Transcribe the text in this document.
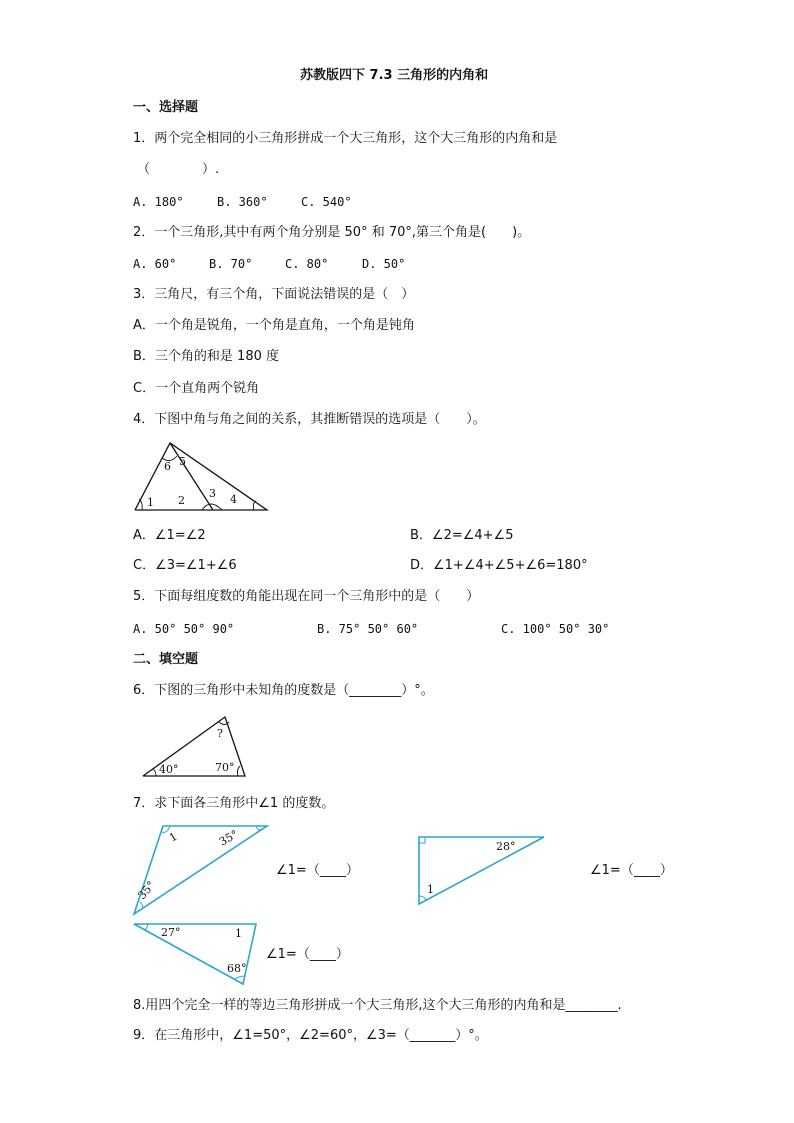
苏教版四下 7.3 三角形的内角和
一、选择题
1．两个完全相同的小三角形拼成一个大三角形，这个大三角形的内角和是
（　　　　）.
A. 180°	B. 360°	C. 540°
2．一个三角形,其中有两个角分别是 50° 和 70°,第三个角是(　　)。
A. 60°	B. 70°	C. 80°	D. 50°
3．三角尺，有三个角，下面说法错误的是（　）
A．一个角是锐角，一个角是直角，一个角是钝角
B．三个角的和是 180 度
C．一个直角两个锐角
4．下图中角与角之间的关系，其推断错误的选项是（　　）。
6 5
1 2
3 4
A．∠1=∠2	B．∠2=∠4+∠5
C．∠3=∠1+∠6	D．∠1+∠4+∠5+∠6=180°
5．下面每组度数的角能出现在同一个三角形中的是（　　）
A. 50° 50° 90°	B. 75° 50° 60°	C. 100° 50° 30°
二、填空题
6．下图的三角形中未知角的度数是（________）°。
?
40°	70°
7．求下面各三角形中∠1 的度数。
1	35°
35°
∠1=（____）
28°
1
∠1=（____）
27°	1
68°
∠1=（____）
8.用四个完全一样的等边三角形拼成一个大三角形,这个大三角形的内角和是________.
9．在三角形中，∠1=50°，∠2=60°，∠3=（_______）°。
